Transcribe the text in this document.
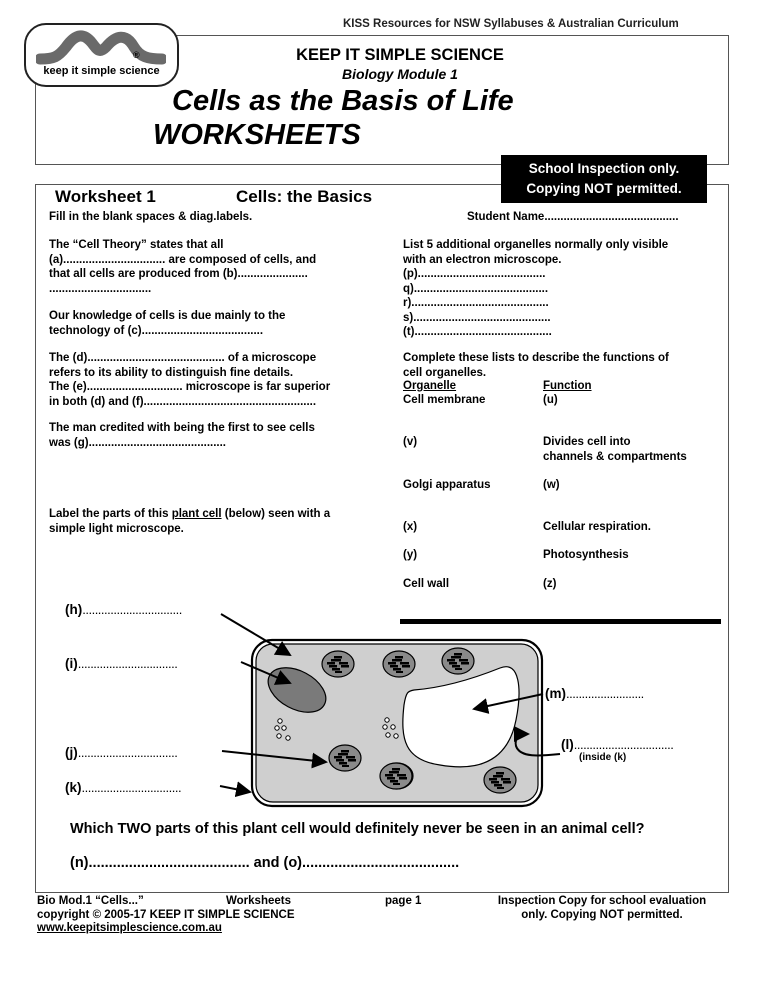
KISS Resources for NSW Syllabuses & Australian Curriculum
®
keep it simple science
KEEP IT SIMPLE SCIENCE
Biology Module 1
Cells as the Basis of Life
WORKSHEETS
School Inspection only.
Copying NOT permitted.
Worksheet 1	Cells: the Basics
Fill in the blank spaces & diag.labels.	Student Name..........................................
The “Cell Theory” states that all
(a)................................ are composed of cells, and
that all cells are produced from (b)......................
................................
Our knowledge of cells is due mainly to the
technology of (c)......................................
The (d)........................................... of a microscope
refers to its ability to distinguish fine details.
The (e).............................. microscope is far superior
in both (d) and (f)......................................................
The man credited with being the first to see cells
was (g)...........................................
Label the parts of this plant cell (below) seen with a
simple light microscope.
List 5 additional organelles normally only visible
with an electron microscope.
(p)........................................
q)..........................................
r)...........................................
s)...........................................
(t)...........................................
Complete these lists to describe the functions of
cell organelles.
Organelle	Function
Cell membrane	(u)
(v)	Divides cell into
channels & compartments
Golgi apparatus	(w)
(x)	Cellular respiration.
(y)	Photosynthesis
Cell wall	(z)
(h)................................
(i)................................
(j)................................
(k)................................
(m).........................
(l)................................
(inside (k)
Which TWO parts of this plant cell would definitely never be seen in an animal cell?
(n)........................................ and (o).......................................
Bio Mod.1 “Cells...”	Worksheets	page 1
copyright © 2005-17 KEEP IT SIMPLE SCIENCE
www.keepitsimplescience.com.au
Inspection Copy for school evaluation
only. Copying NOT permitted.
